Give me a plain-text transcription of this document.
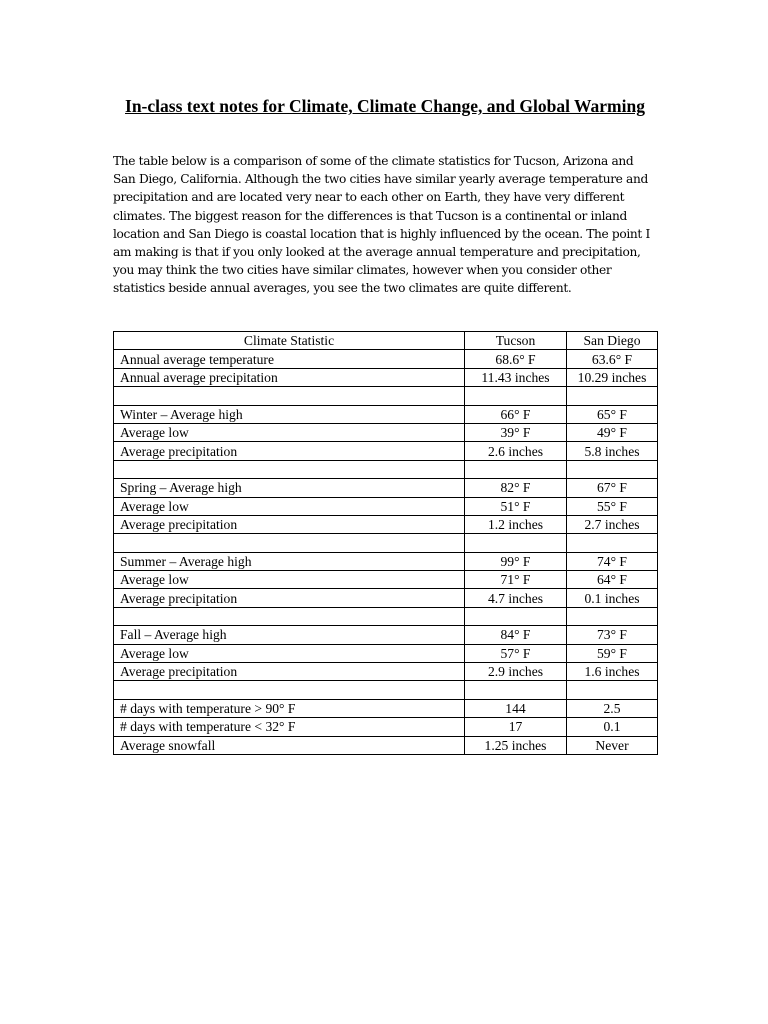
In-class text notes for Climate, Climate Change, and Global Warming

The table below is a comparison of some of the climate statistics for Tucson, Arizona and San Diego, California. Although the two cities have similar yearly average temperature and precipitation and are located very near to each other on Earth, they have very different climates. The biggest reason for the differences is that Tucson is a continental or inland location and San Diego is coastal location that is highly influenced by the ocean. The point I am making is that if you only looked at the average annual temperature and precipitation, you may think the two cities have similar climates, however when you consider other statistics beside annual averages, you see the two climates are quite different.

Climate Statistic	Tucson	San Diego
Annual average temperature	68.6° F	63.6° F
Annual average precipitation	11.43 inches	10.29 inches

Winter – Average high	66° F	65° F
Average low	39° F	49° F
Average precipitation	2.6 inches	5.8 inches

Spring – Average high	82° F	67° F
Average low	51° F	55° F
Average precipitation	1.2 inches	2.7 inches

Summer – Average high	99° F	74° F
Average low	71° F	64° F
Average precipitation	4.7 inches	0.1 inches

Fall – Average high	84° F	73° F
Average low	57° F	59° F
Average precipitation	2.9 inches	1.6 inches

# days with temperature > 90° F	144	2.5
# days with temperature < 32° F	17	0.1
Average snowfall	1.25 inches	Never
